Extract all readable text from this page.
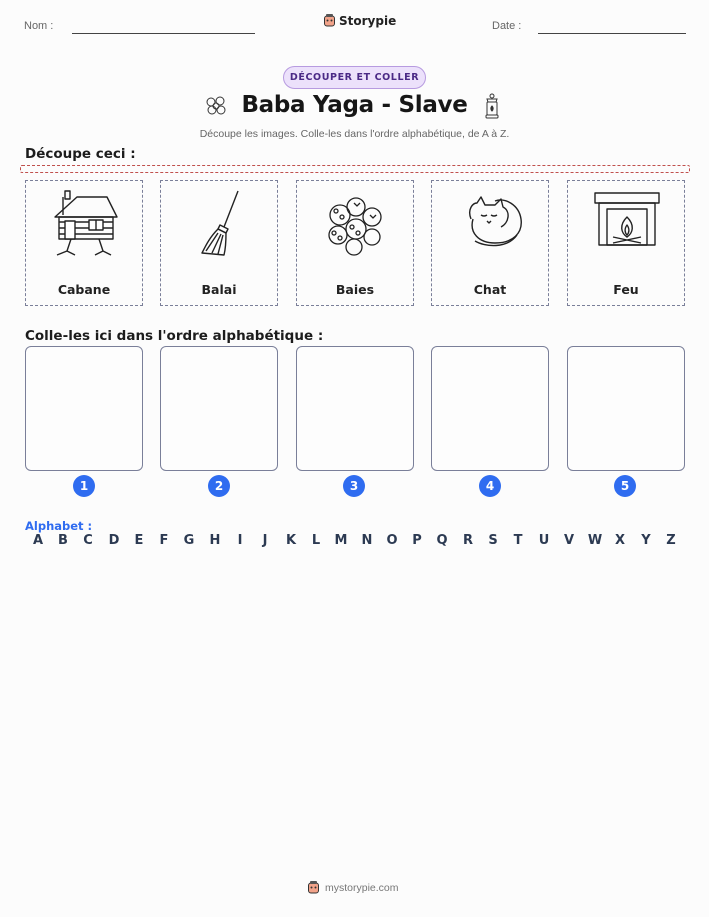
Nom :	Storypie	Date :
DÉCOUPER ET COLLER
Baba Yaga - Slave
Découpe les images. Colle-les dans l'ordre alphabétique, de A à Z.
Découpe ceci :
Cabane	Balai	Baies	Chat	Feu
Colle-les ici dans l'ordre alphabétique :
1	2	3	4	5
Alphabet :
A	B	C	D	E	F	G	H	I	J	K	L	M	N	O	P	Q	R	S	T	U	V	W X	Y	Z
mystorypie.com
